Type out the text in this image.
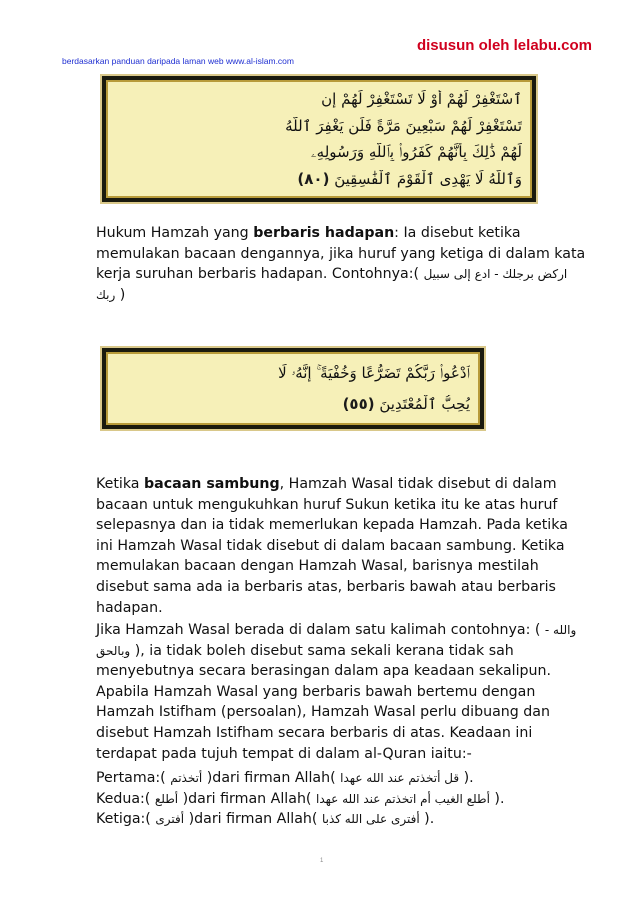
disusun oleh lelabu.com
berdasarkan panduan daripada laman web www.al-islam.com
ٱسْتَغْفِرْ لَهُمْ أَوْ لَا تَسْتَغْفِرْ لَهُمْ إِن
تَسْتَغْفِرْ لَهُمْ سَبْعِينَ مَرَّةً فَلَن يَغْفِرَ ٱللَّهُ
لَهُمْ ذَٰلِكَ بِأَنَّهُمْ كَفَرُوا۟ بِٱللَّهِ وَرَسُولِهِۦ
وَٱللَّهُ لَا يَهْدِى ٱلْقَوْمَ ٱلْفَٰسِقِينَ (٨٠)

Hukum Hamzah yang berbaris hadapan: Ia disebut ketika memulakan bacaan dengannya, jika huruf yang ketiga di dalam kata kerja suruhan berbaris hadapan. Contohnya:( اركض برجلك - ادع إلى سبيل ربك )

ٱدْعُوا۟ رَبَّكُمْ تَضَرُّعًا وَخُفْيَةً ۚ إِنَّهُۥ لَا
يُحِبُّ ٱلْمُعْتَدِينَ (٥٥)

Ketika bacaan sambung, Hamzah Wasal tidak disebut di dalam bacaan untuk mengukuhkan huruf Sukun ketika itu ke atas huruf selepasnya dan ia tidak memerlukan kepada Hamzah. Pada ketika ini Hamzah Wasal tidak disebut di dalam bacaan sambung. Ketika memulakan bacaan dengan Hamzah Wasal, barisnya mestilah disebut sama ada ia berbaris atas, berbaris bawah atau berbaris hadapan.

Jika Hamzah Wasal berada di dalam satu kalimah contohnya: ( والله - وبالحق ), ia tidak boleh disebut sama sekali kerana tidak sah menyebutnya secara berasingan dalam apa keadaan sekalipun. Apabila Hamzah Wasal yang berbaris bawah bertemu dengan Hamzah Istifham (persoalan), Hamzah Wasal perlu dibuang dan disebut Hamzah Istifham secara berbaris di atas. Keadaan ini terdapat pada tujuh tempat di dalam al-Quran iaitu:-

Pertama:( أتخذتم )dari firman Allah( قل أتخذتم عند الله عهدا ).

Kedua:( أطلع )dari firman Allah( أطلع الغيب أم اتخذتم عند الله عهدا ).

Ketiga:( أفترى )dari firman Allah( أفترى على الله كذبا ).

1
